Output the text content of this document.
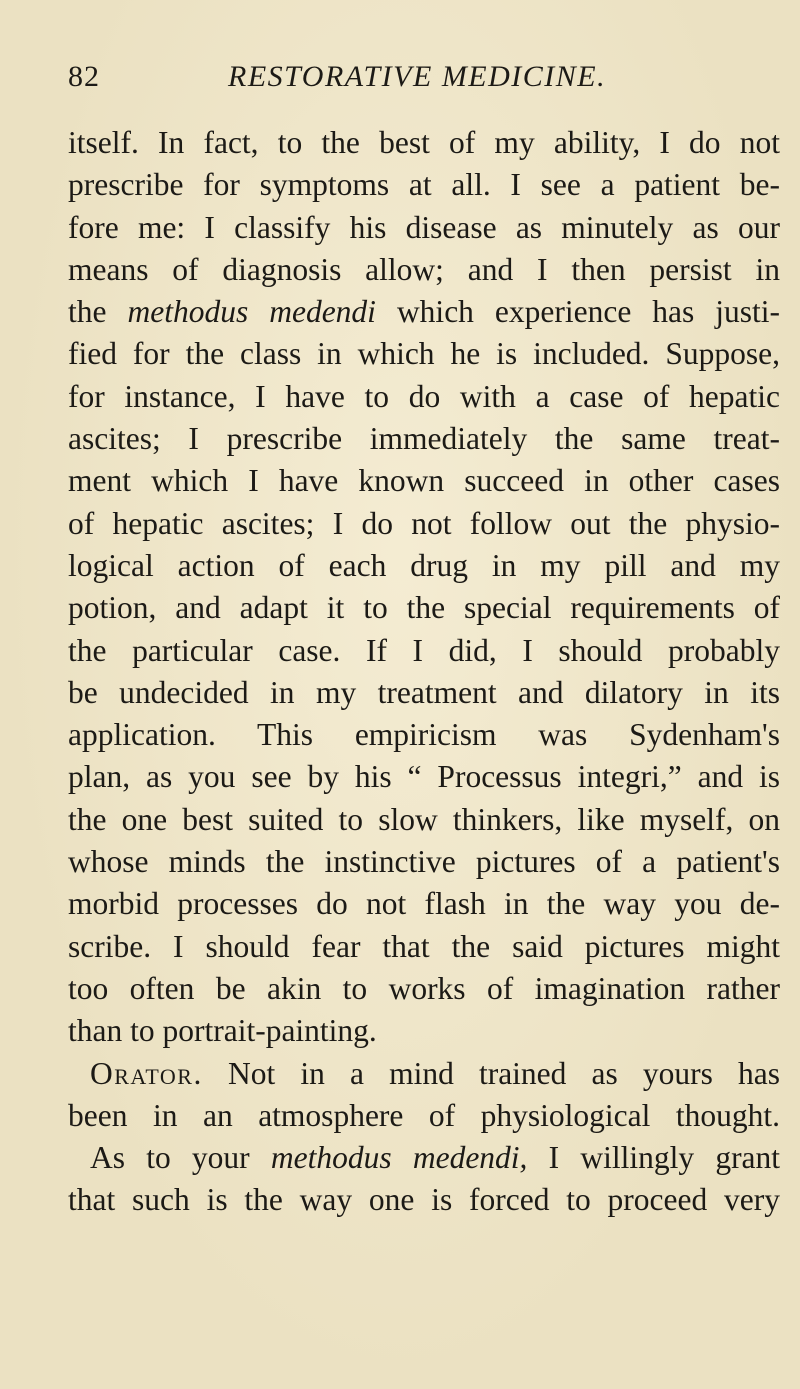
82	RESTORATIVE MEDICINE.
itself. In fact, to the best of my ability, I do not
prescribe for symptoms at all. I see a patient be-
fore me: I classify his disease as minutely as our
means of diagnosis allow; and I then persist in
the methodus medendi which experience has justi-
fied for the class in which he is included. Suppose,
for instance, I have to do with a case of hepatic
ascites; I prescribe immediately the same treat-
ment which I have known succeed in other cases
of hepatic ascites; I do not follow out the physio-
logical action of each drug in my pill and my
potion, and adapt it to the special requirements of
the particular case. If I did, I should probably
be undecided in my treatment and dilatory in its
application. This empiricism was Sydenham's
plan, as you see by his “ Processus integri,” and is
the one best suited to slow thinkers, like myself, on
whose minds the instinctive pictures of a patient's
morbid processes do not flash in the way you de-
scribe. I should fear that the said pictures might
too often be akin to works of imagination rather
than to portrait-painting.
Orator. Not in a mind trained as yours has
been in an atmosphere of physiological thought.
As to your methodus medendi, I willingly grant
that such is the way one is forced to proceed very
